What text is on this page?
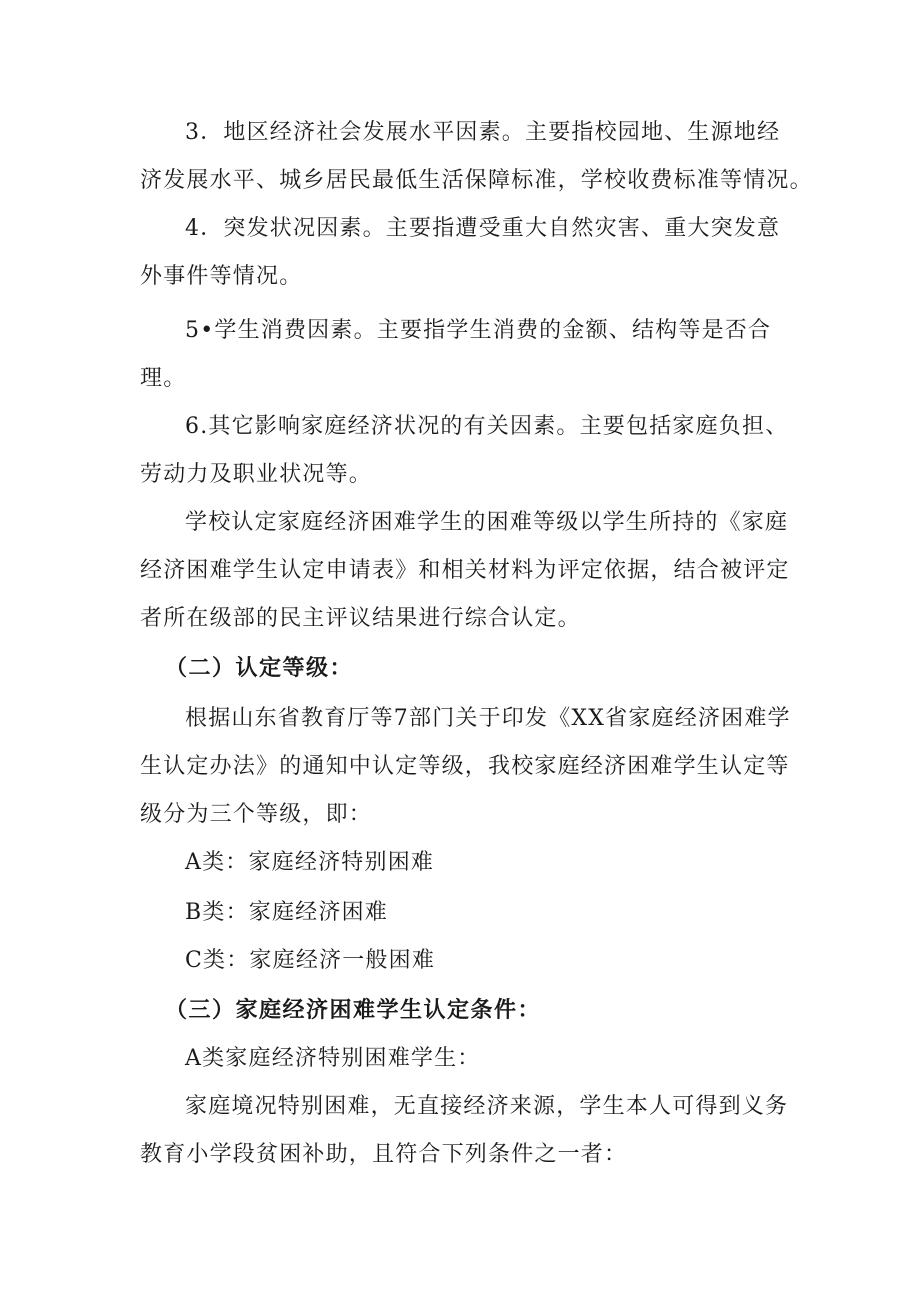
3．地区经济社会发展水平因素。主要指校园地、生源地经
济发展水平、城乡居民最低生活保障标准，学校收费标准等情况。
4．突发状况因素。主要指遭受重大自然灾害、重大突发意
外事件等情况。
5•学生消费因素。主要指学生消费的金额、结构等是否合
理。
6.其它影响家庭经济状况的有关因素。主要包括家庭负担、
劳动力及职业状况等。
学校认定家庭经济困难学生的困难等级以学生所持的《家庭
经济困难学生认定申请表》和相关材料为评定依据，结合被评定
者所在级部的民主评议结果进行综合认定。
（二）认定等级：
根据山东省教育厅等7部门关于印发《XX省家庭经济困难学
生认定办法》的通知中认定等级，我校家庭经济困难学生认定等
级分为三个等级，即：
A类：家庭经济特别困难
B类：家庭经济困难
C类：家庭经济一般困难
（三）家庭经济困难学生认定条件：
A类家庭经济特别困难学生：
家庭境况特别困难，无直接经济来源，学生本人可得到义务
教育小学段贫困补助，且符合下列条件之一者：
